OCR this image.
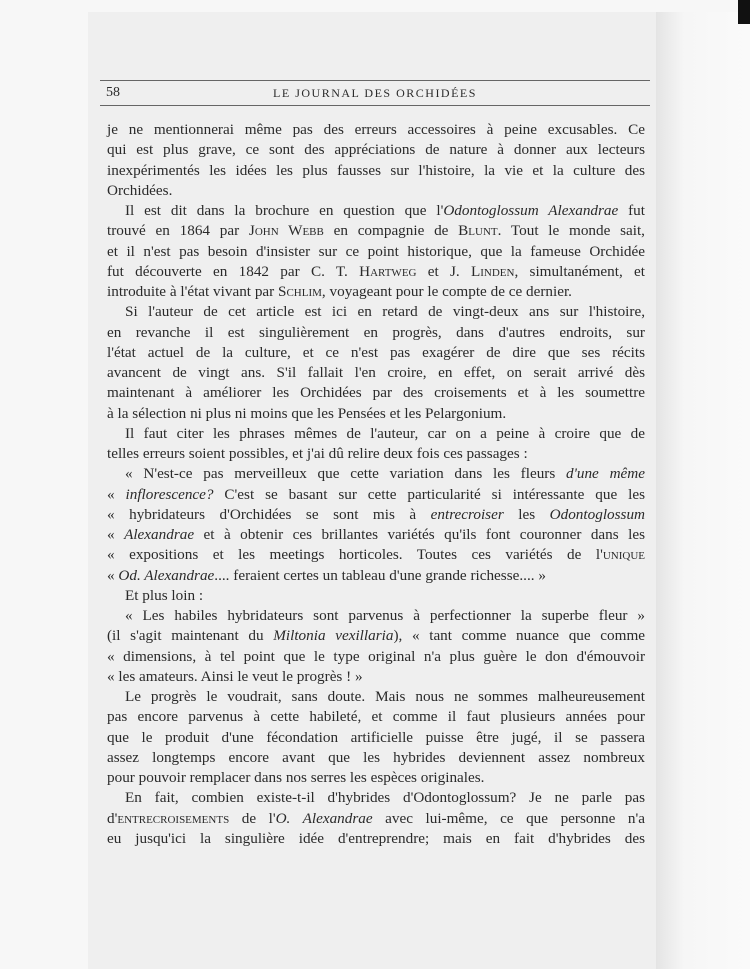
58	LE JOURNAL DES ORCHIDÉES
je ne mentionnerai même pas des erreurs accessoires à peine excusables. Ce
qui est plus grave, ce sont des appréciations de nature à donner aux lecteurs
inexpérimentés les idées les plus fausses sur l'histoire, la vie et la culture des
Orchidées.
Il est dit dans la brochure en question que l'Odontoglossum Alexandrae fut
trouvé en 1864 par John Webb en compagnie de Blunt. Tout le monde sait,
et il n'est pas besoin d'insister sur ce point historique, que la fameuse Orchidée
fut découverte en 1842 par C. T. Hartweg et J. Linden, simultanément, et
introduite à l'état vivant par Schlim, voyageant pour le compte de ce dernier.
Si l'auteur de cet article est ici en retard de vingt-deux ans sur l'histoire,
en revanche il est singulièrement en progrès, dans d'autres endroits, sur
l'état actuel de la culture, et ce n'est pas exagérer de dire que ses récits
avancent de vingt ans. S'il fallait l'en croire, en effet, on serait arrivé dès
maintenant à améliorer les Orchidées par des croisements et à les soumettre
à la sélection ni plus ni moins que les Pensées et les Pelargonium.
Il faut citer les phrases mêmes de l'auteur, car on a peine à croire que de
telles erreurs soient possibles, et j'ai dû relire deux fois ces passages :
« N'est-ce pas merveilleux que cette variation dans les fleurs d'une même
« inflorescence? C'est se basant sur cette particularité si intéressante que les
« hybridateurs d'Orchidées se sont mis à entrecroiser les Odontoglossum
« Alexandrae et à obtenir ces brillantes variétés qu'ils font couronner dans les
« expositions et les meetings horticoles. Toutes ces variétés de l'unique
« Od. Alexandrae.... feraient certes un tableau d'une grande richesse.... »
Et plus loin :
« Les habiles hybridateurs sont parvenus à perfectionner la superbe fleur »
(il s'agit maintenant du Miltonia vexillaria), « tant comme nuance que comme
« dimensions, à tel point que le type original n'a plus guère le don d'émouvoir
« les amateurs. Ainsi le veut le progrès ! »
Le progrès le voudrait, sans doute. Mais nous ne sommes malheureusement
pas encore parvenus à cette habileté, et comme il faut plusieurs années pour
que le produit d'une fécondation artificielle puisse être jugé, il se passera
assez longtemps encore avant que les hybrides deviennent assez nombreux
pour pouvoir remplacer dans nos serres les espèces originales.
En fait, combien existe-t-il d'hybrides d'Odontoglossum? Je ne parle pas
d'entrecroisements de l'O. Alexandrae avec lui-même, ce que personne n'a
eu jusqu'ici la singulière idée d'entreprendre; mais en fait d'hybrides des
